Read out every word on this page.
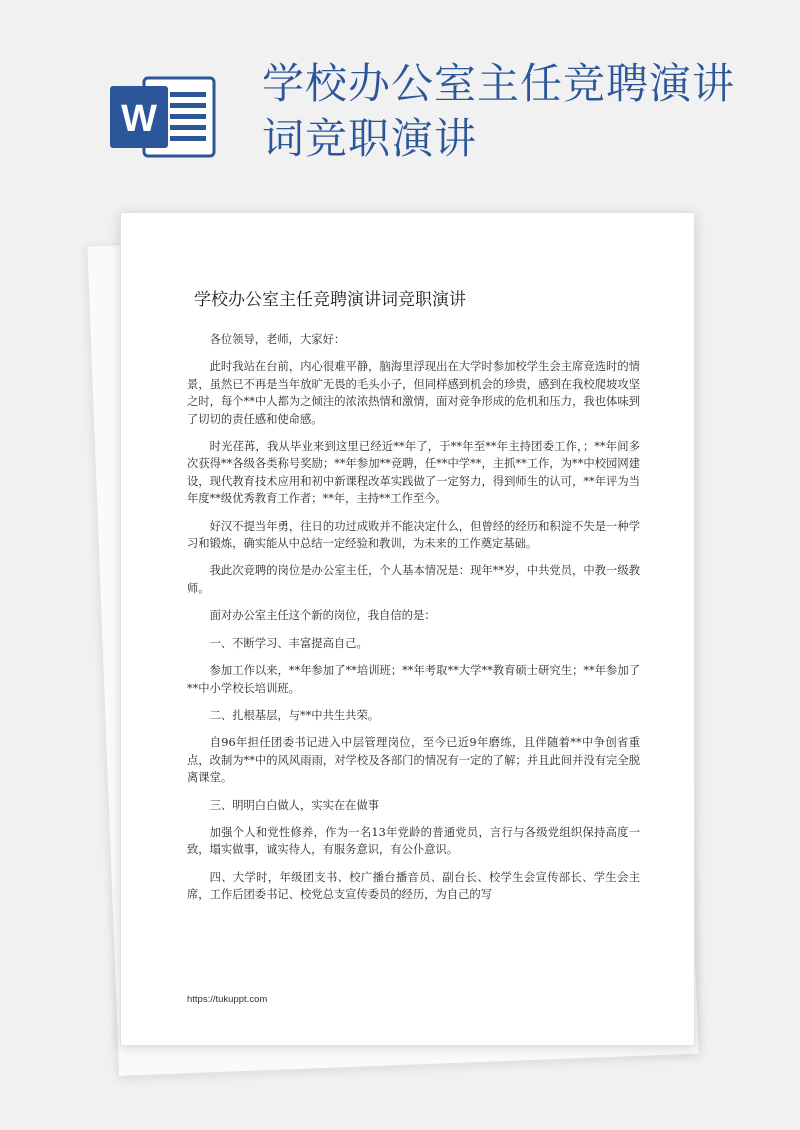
W
学校办公室主任竞聘演讲词竞职演讲
学校办公室主任竞聘演讲词竞职演讲

各位领导，老师，大家好：

此时我站在台前，内心很难平静，脑海里浮现出在大学时参加校学生会主席竞选时的情景，虽然已不再是当年放旷无畏的毛头小子，但同样感到机会的珍贵，感到在我校爬坡攻坚之时，每个**中人都为之倾注的浓浓热情和激情，面对竞争形成的危机和压力，我也体味到了切切的责任感和使命感。

时光荏苒，我从毕业来到这里已经近**年了，于**年至**年主持团委工作，；**年间多次获得**各级各类称号奖励；**年参加**竞聘，任**中学**，主抓**工作，为**中校园网建设，现代教育技术应用和初中新课程改革实践做了一定努力，得到师生的认可，**年评为当年度**级优秀教育工作者；**年，主持**工作至今。

好汉不提当年勇，往日的功过成败并不能决定什么，但曾经的经历和积淀不失是一种学习和锻炼，确实能从中总结一定经验和教训，为未来的工作奠定基础。

我此次竞聘的岗位是办公室主任，个人基本情况是：现年**岁，中共党员，中教一级教师。

面对办公室主任这个新的岗位，我自信的是：

一、不断学习、丰富提高自己。

参加工作以来，**年参加了**培训班；**年考取**大学**教育硕士研究生；**年参加了**中小学校长培训班。

二、扎根基层，与**中共生共荣。

自96年担任团委书记进入中层管理岗位，至今已近9年磨练，且伴随着**中争创省重点，改制为**中的风风雨雨，对学校及各部门的情况有一定的了解；并且此间并没有完全脱离课堂。

三、明明白白做人，实实在在做事

加强个人和党性修养，作为一名13年党龄的普通党员，言行与各级党组织保持高度一致，塌实做事，诚实待人，有服务意识，有公仆意识。

四、大学时，年级团支书、校广播台播音员、副台长、校学生会宣传部长、学生会主席，工作后团委书记、校党总支宣传委员的经历，为自己的写

https://tukuppt.com
